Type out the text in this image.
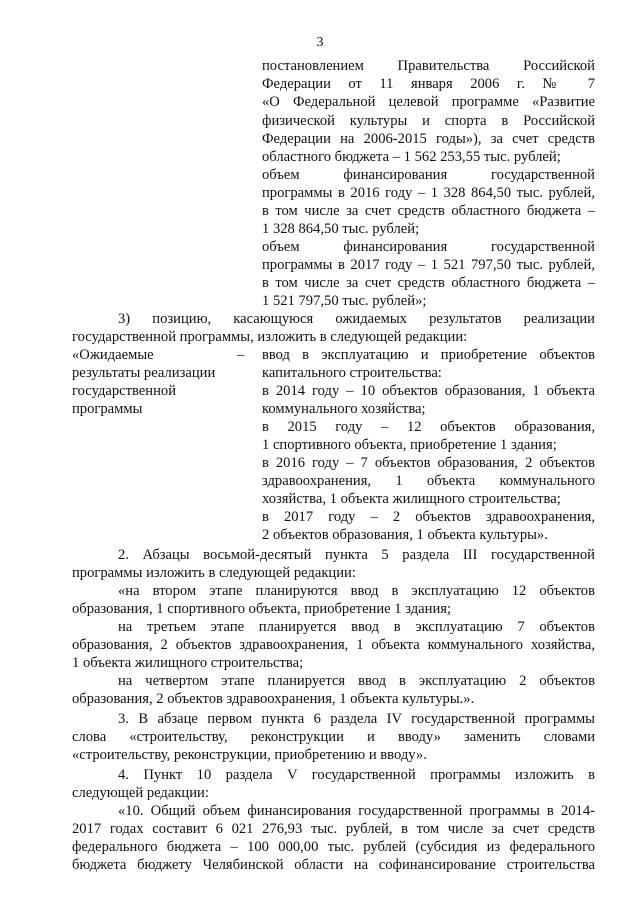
3
постановлением Правительства Российской
Федерации от 11 января 2006 г. № 7
«О Федеральной целевой программе «Развитие
физической культуры и спорта в Российской
Федерации на 2006-2015 годы»), за счет средств
областного бюджета – 1 562 253,55 тыс. рублей;
объем финансирования государственной
программы в 2016 году – 1 328 864,50 тыс. рублей,
в том числе за счет средств областного бюджета –
1 328 864,50 тыс. рублей;
объем финансирования государственной
программы в 2017 году – 1 521 797,50 тыс. рублей,
в том числе за счет средств областного бюджета –
1 521 797,50 тыс. рублей»;
3) позицию, касающуюся ожидаемых результатов реализации
государственной программы, изложить в следующей редакции:
«Ожидаемые
результаты реализации
государственной
программы
– ввод в эксплуатацию и приобретение объектов
капитального строительства:
в 2014 году – 10 объектов образования, 1 объекта
коммунального хозяйства;
в 2015 году – 12 объектов образования,
1 спортивного объекта, приобретение 1 здания;
в 2016 году – 7 объектов образования, 2 объектов
здравоохранения, 1 объекта коммунального
хозяйства, 1 объекта жилищного строительства;
в 2017 году – 2 объектов здравоохранения,
2 объектов образования, 1 объекта культуры».
2. Абзацы восьмой-десятый пункта 5 раздела III государственной
программы изложить в следующей редакции:
«на втором этапе планируются ввод в эксплуатацию 12 объектов
образования, 1 спортивного объекта, приобретение 1 здания;
на третьем этапе планируется ввод в эксплуатацию 7 объектов
образования, 2 объектов здравоохранения, 1 объекта коммунального хозяйства,
1 объекта жилищного строительства;
на четвертом этапе планируется ввод в эксплуатацию 2 объектов
образования, 2 объектов здравоохранения, 1 объекта культуры.».
3. В абзаце первом пункта 6 раздела IV государственной программы
слова «строительству, реконструкции и вводу» заменить словами
«строительству, реконструкции, приобретению и вводу».
4. Пункт 10 раздела V государственной программы изложить в
следующей редакции:
«10. Общий объем финансирования государственной программы в 2014-
2017 годах составит 6 021 276,93 тыс. рублей, в том числе за счет средств
федерального бюджета – 100 000,00 тыс. рублей (субсидия из федерального
бюджета бюджету Челябинской области на софинансирование строительства
